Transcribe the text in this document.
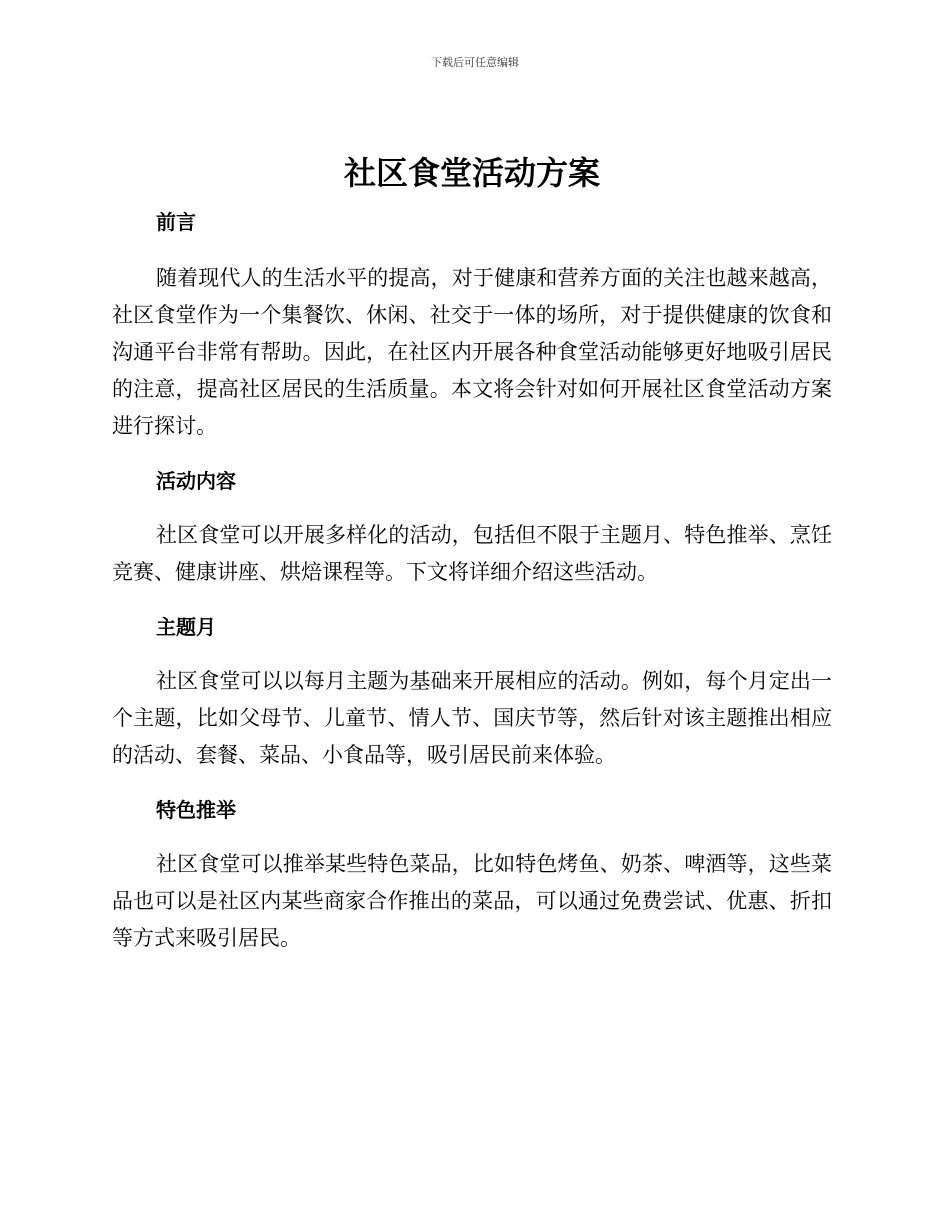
下载后可任意编辑
社区食堂活动方案
前言

随着现代人的生活水平的提高，对于健康和营养方面的关注也越来越高，社区食堂作为一个集餐饮、休闲、社交于一体的场所，对于提供健康的饮食和沟通平台非常有帮助。因此，在社区内开展各种食堂活动能够更好地吸引居民的注意，提高社区居民的生活质量。本文将会针对如何开展社区食堂活动方案进行探讨。

活动内容

社区食堂可以开展多样化的活动，包括但不限于主题月、特色推举、烹饪竞赛、健康讲座、烘焙课程等。下文将详细介绍这些活动。

主题月

社区食堂可以以每月主题为基础来开展相应的活动。例如，每个月定出一个主题，比如父母节、儿童节、情人节、国庆节等，然后针对该主题推出相应的活动、套餐、菜品、小食品等，吸引居民前来体验。

特色推举

社区食堂可以推举某些特色菜品，比如特色烤鱼、奶茶、啤酒等，这些菜品也可以是社区内某些商家合作推出的菜品，可以通过免费尝试、优惠、折扣等方式来吸引居民。
